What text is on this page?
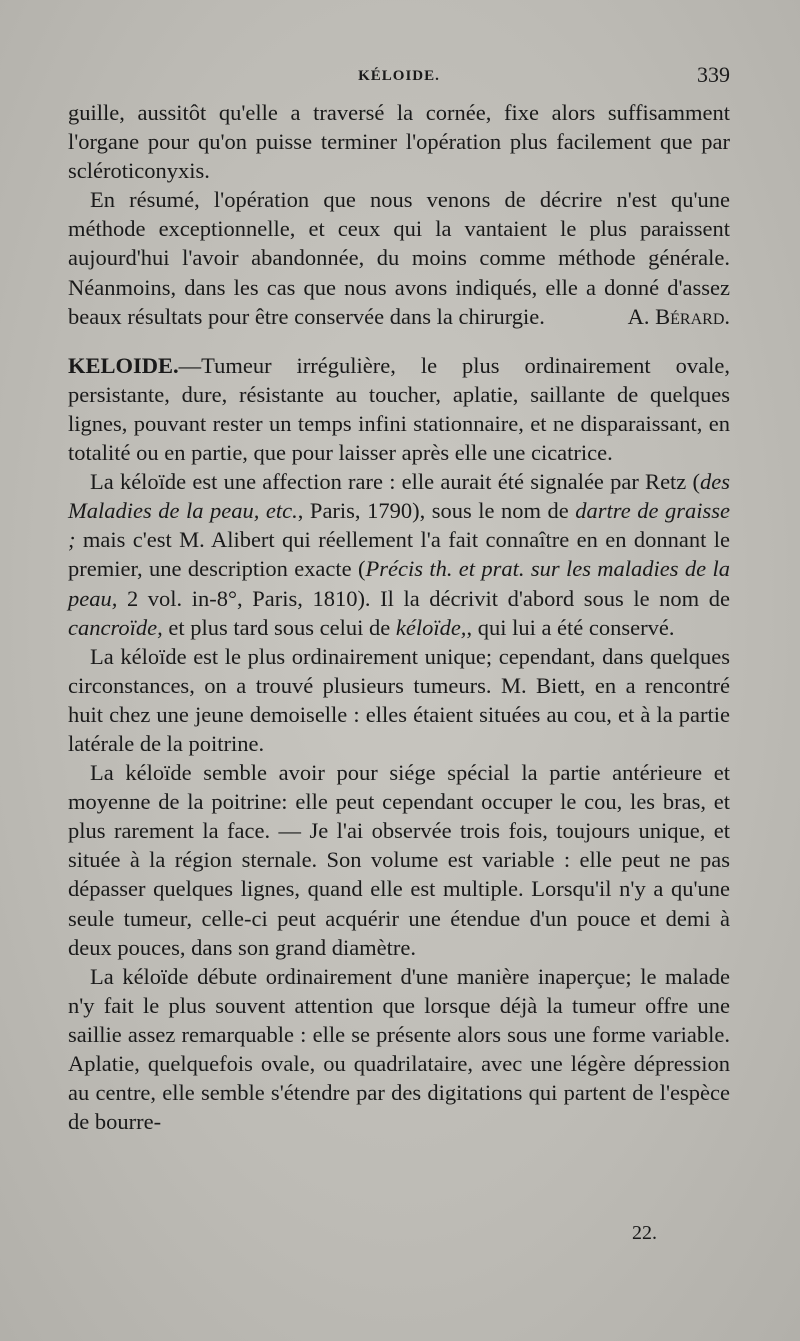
KÉLOIDE.	339

guille, aussitôt qu'elle a traversé la cornée, fixe alors suffisamment l'organe pour qu'on puisse terminer l'opération plus facilement que par scléroticonyxis.

En résumé, l'opération que nous venons de décrire n'est qu'une méthode exceptionnelle, et ceux qui la vantaient le plus paraissent aujourd'hui l'avoir abandonnée, du moins comme méthode générale. Néanmoins, dans les cas que nous avons indiqués, elle a donné d'assez beaux résultats pour être conservée dans la chirurgie.	A. Bérard.

KELOIDE.—Tumeur irrégulière, le plus ordinairement ovale, persistante, dure, résistante au toucher, aplatie, saillante de quelques lignes, pouvant rester un temps infini stationnaire, et ne disparaissant, en totalité ou en partie, que pour laisser après elle une cicatrice.

La kéloïde est une affection rare : elle aurait été signalée par Retz (des Maladies de la peau, etc., Paris, 1790), sous le nom de dartre de graisse ; mais c'est M. Alibert qui réellement l'a fait connaître en en donnant le premier, une description exacte (Précis th. et prat. sur les maladies de la peau, 2 vol. in-8°, Paris, 1810). Il la décrivit d'abord sous le nom de cancroïde, et plus tard sous celui de kéloïde,, qui lui a été conservé.

La kéloïde est le plus ordinairement unique; cependant, dans quelques circonstances, on a trouvé plusieurs tumeurs. M. Biett, en a rencontré huit chez une jeune demoiselle : elles étaient situées au cou, et à la partie latérale de la poitrine.

La kéloïde semble avoir pour siége spécial la partie antérieure et moyenne de la poitrine: elle peut cependant occuper le cou, les bras, et plus rarement la face. — Je l'ai observée trois fois, toujours unique, et située à la région sternale. Son volume est variable : elle peut ne pas dépasser quelques lignes, quand elle est multiple. Lorsqu'il n'y a qu'une seule tumeur, celle-ci peut acquérir une étendue d'un pouce et demi à deux pouces, dans son grand diamètre.

La kéloïde débute ordinairement d'une manière inaperçue; le malade n'y fait le plus souvent attention que lorsque déjà la tumeur offre une saillie assez remarquable : elle se présente alors sous une forme variable. Aplatie, quelquefois ovale, ou quadrilataire, avec une légère dépression au centre, elle semble s'étendre par des digitations qui partent de l'espèce de bourre-

22.
